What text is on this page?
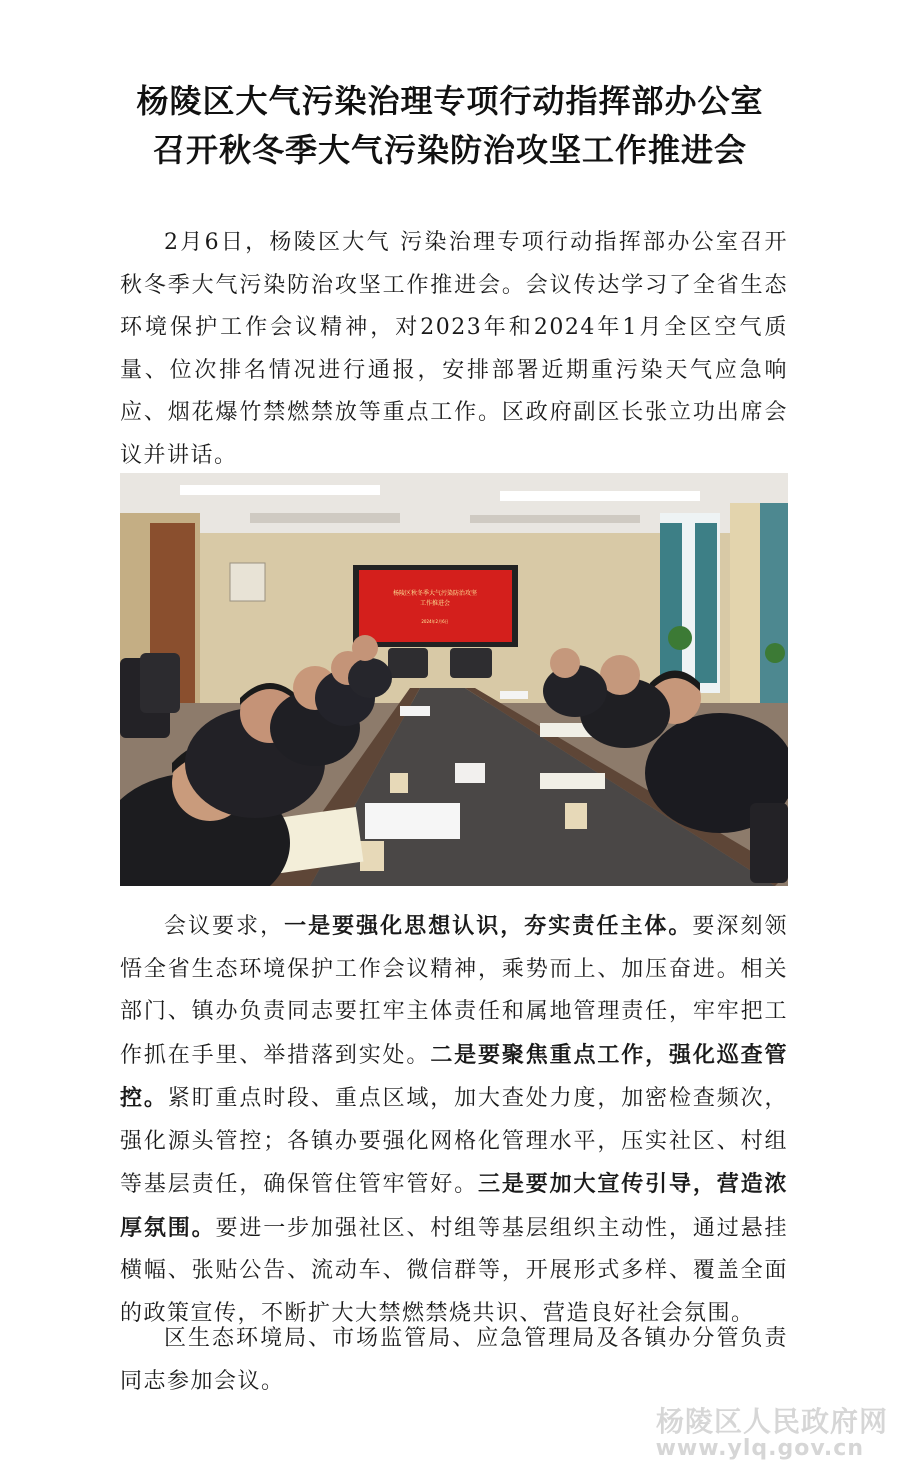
杨陵区大气污染治理专项行动指挥部办公室
召开秋冬季大气污染防治攻坚工作推进会

2月6日，杨陵区大气 污染治理专项行动指挥部办公室召开秋冬季大气污染防治攻坚工作推进会。会议传达学习了全省生态环境保护工作会议精神，对2023年和2024年1月全区空气质量、位次排名情况进行通报，安排部署近期重污染天气应急响应、烟花爆竹禁燃禁放等重点工作。区政府副区长张立功出席会议并讲话。

杨陵区秋冬季大气污染防治攻坚
工作推进会
2024年2月6日

会议要求，一是要强化思想认识，夯实责任主体。要深刻领悟全省生态环境保护工作会议精神，乘势而上、加压奋进。相关部门、镇办负责同志要扛牢主体责任和属地管理责任，牢牢把工作抓在手里、举措落到实处。二是要聚焦重点工作，强化巡查管控。紧盯重点时段、重点区域，加大查处力度，加密检查频次，强化源头管控；各镇办要强化网格化管理水平，压实社区、村组等基层责任，确保管住管牢管好。三是要加大宣传引导，营造浓厚氛围。要进一步加强社区、村组等基层组织主动性，通过悬挂横幅、张贴公告、流动车、微信群等，开展形式多样、覆盖全面的政策宣传，不断扩大大禁燃禁烧共识、营造良好社会氛围。

区生态环境局、市场监管局、应急管理局及各镇办分管负责同志参加会议。

杨陵区人民政府网
www.ylq.gov.cn
